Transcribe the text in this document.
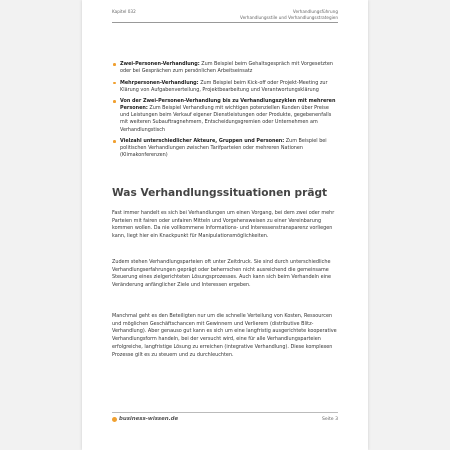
Kapitel 032	Verhandlungsführung
Verhandlungsstile und Verhandlungsstrategien
Zwei-Personen-Verhandlung: Zum Beispiel beim Gehaltsgespräch mit Vorgesetzten oder bei Gesprächen zum persönlichen Arbeitseinsatz
Mehrpersonen-Verhandlung: Zum Beispiel beim Kick-off oder Projekt-Meeting zur Klärung von Aufgabenverteilung, Projektbearbeitung und Verantwortungsklärung
Von der Zwei-Personen-Verhandlung bis zu Verhandlungszyklen mit mehreren Personen: Zum Beispiel Verhandlung mit wichtigen potenziellen Kunden über Preise und Leistungen beim Verkauf eigener Dienstleistungen oder Produkte, gegebenenfalls mit weiteren Subauftragnehmern, Entscheidungsgremien oder Unternehmen am Verhandlungstisch
Vielzahl unterschiedlicher Akteure, Gruppen und Personen: Zum Beispiel bei politischen Verhandlungen zwischen Tarifparteien oder mehreren Nationen (Klimakonferenzen)
Was Verhandlungssituationen prägt

Fast immer handelt es sich bei Verhandlungen um einen Vorgang, bei dem zwei oder mehr Parteien mit fairen oder unfairen Mitteln und Vorgehensweisen zu einer Vereinbarung kommen wollen. Da nie vollkommene Informations- und Interessenstransparenz vorliegen kann, liegt hier ein Knackpunkt für Manipulationsmöglichkeiten.

Zudem stehen Verhandlungsparteien oft unter Zeitdruck. Sie sind durch unterschiedliche Verhandlungserfahrungen geprägt oder beherrschen nicht ausreichend die gemeinsame Steuerung eines zielgerichteten Lösungsprozesses. Auch kann sich beim Verhandeln eine Veränderung anfänglicher Ziele und Interessen ergeben.

Manchmal geht es den Beteiligten nur um die schnelle Verteilung von Kosten, Ressourcen und möglichen Geschäftschancen mit Gewinnern und Verlierern (distributive Blitz-Verhandlung). Aber genauso gut kann es sich um eine langfristig ausgerichtete kooperative Verhandlungsform handeln, bei der versucht wird, eine für alle Verhandlungsparteien erfolgreiche, langfristige Lösung zu erreichen (integrative Verhandlung). Diese komplexen Prozesse gilt es zu steuern und zu durchleuchten.

business-wissen.de	Seite 3
